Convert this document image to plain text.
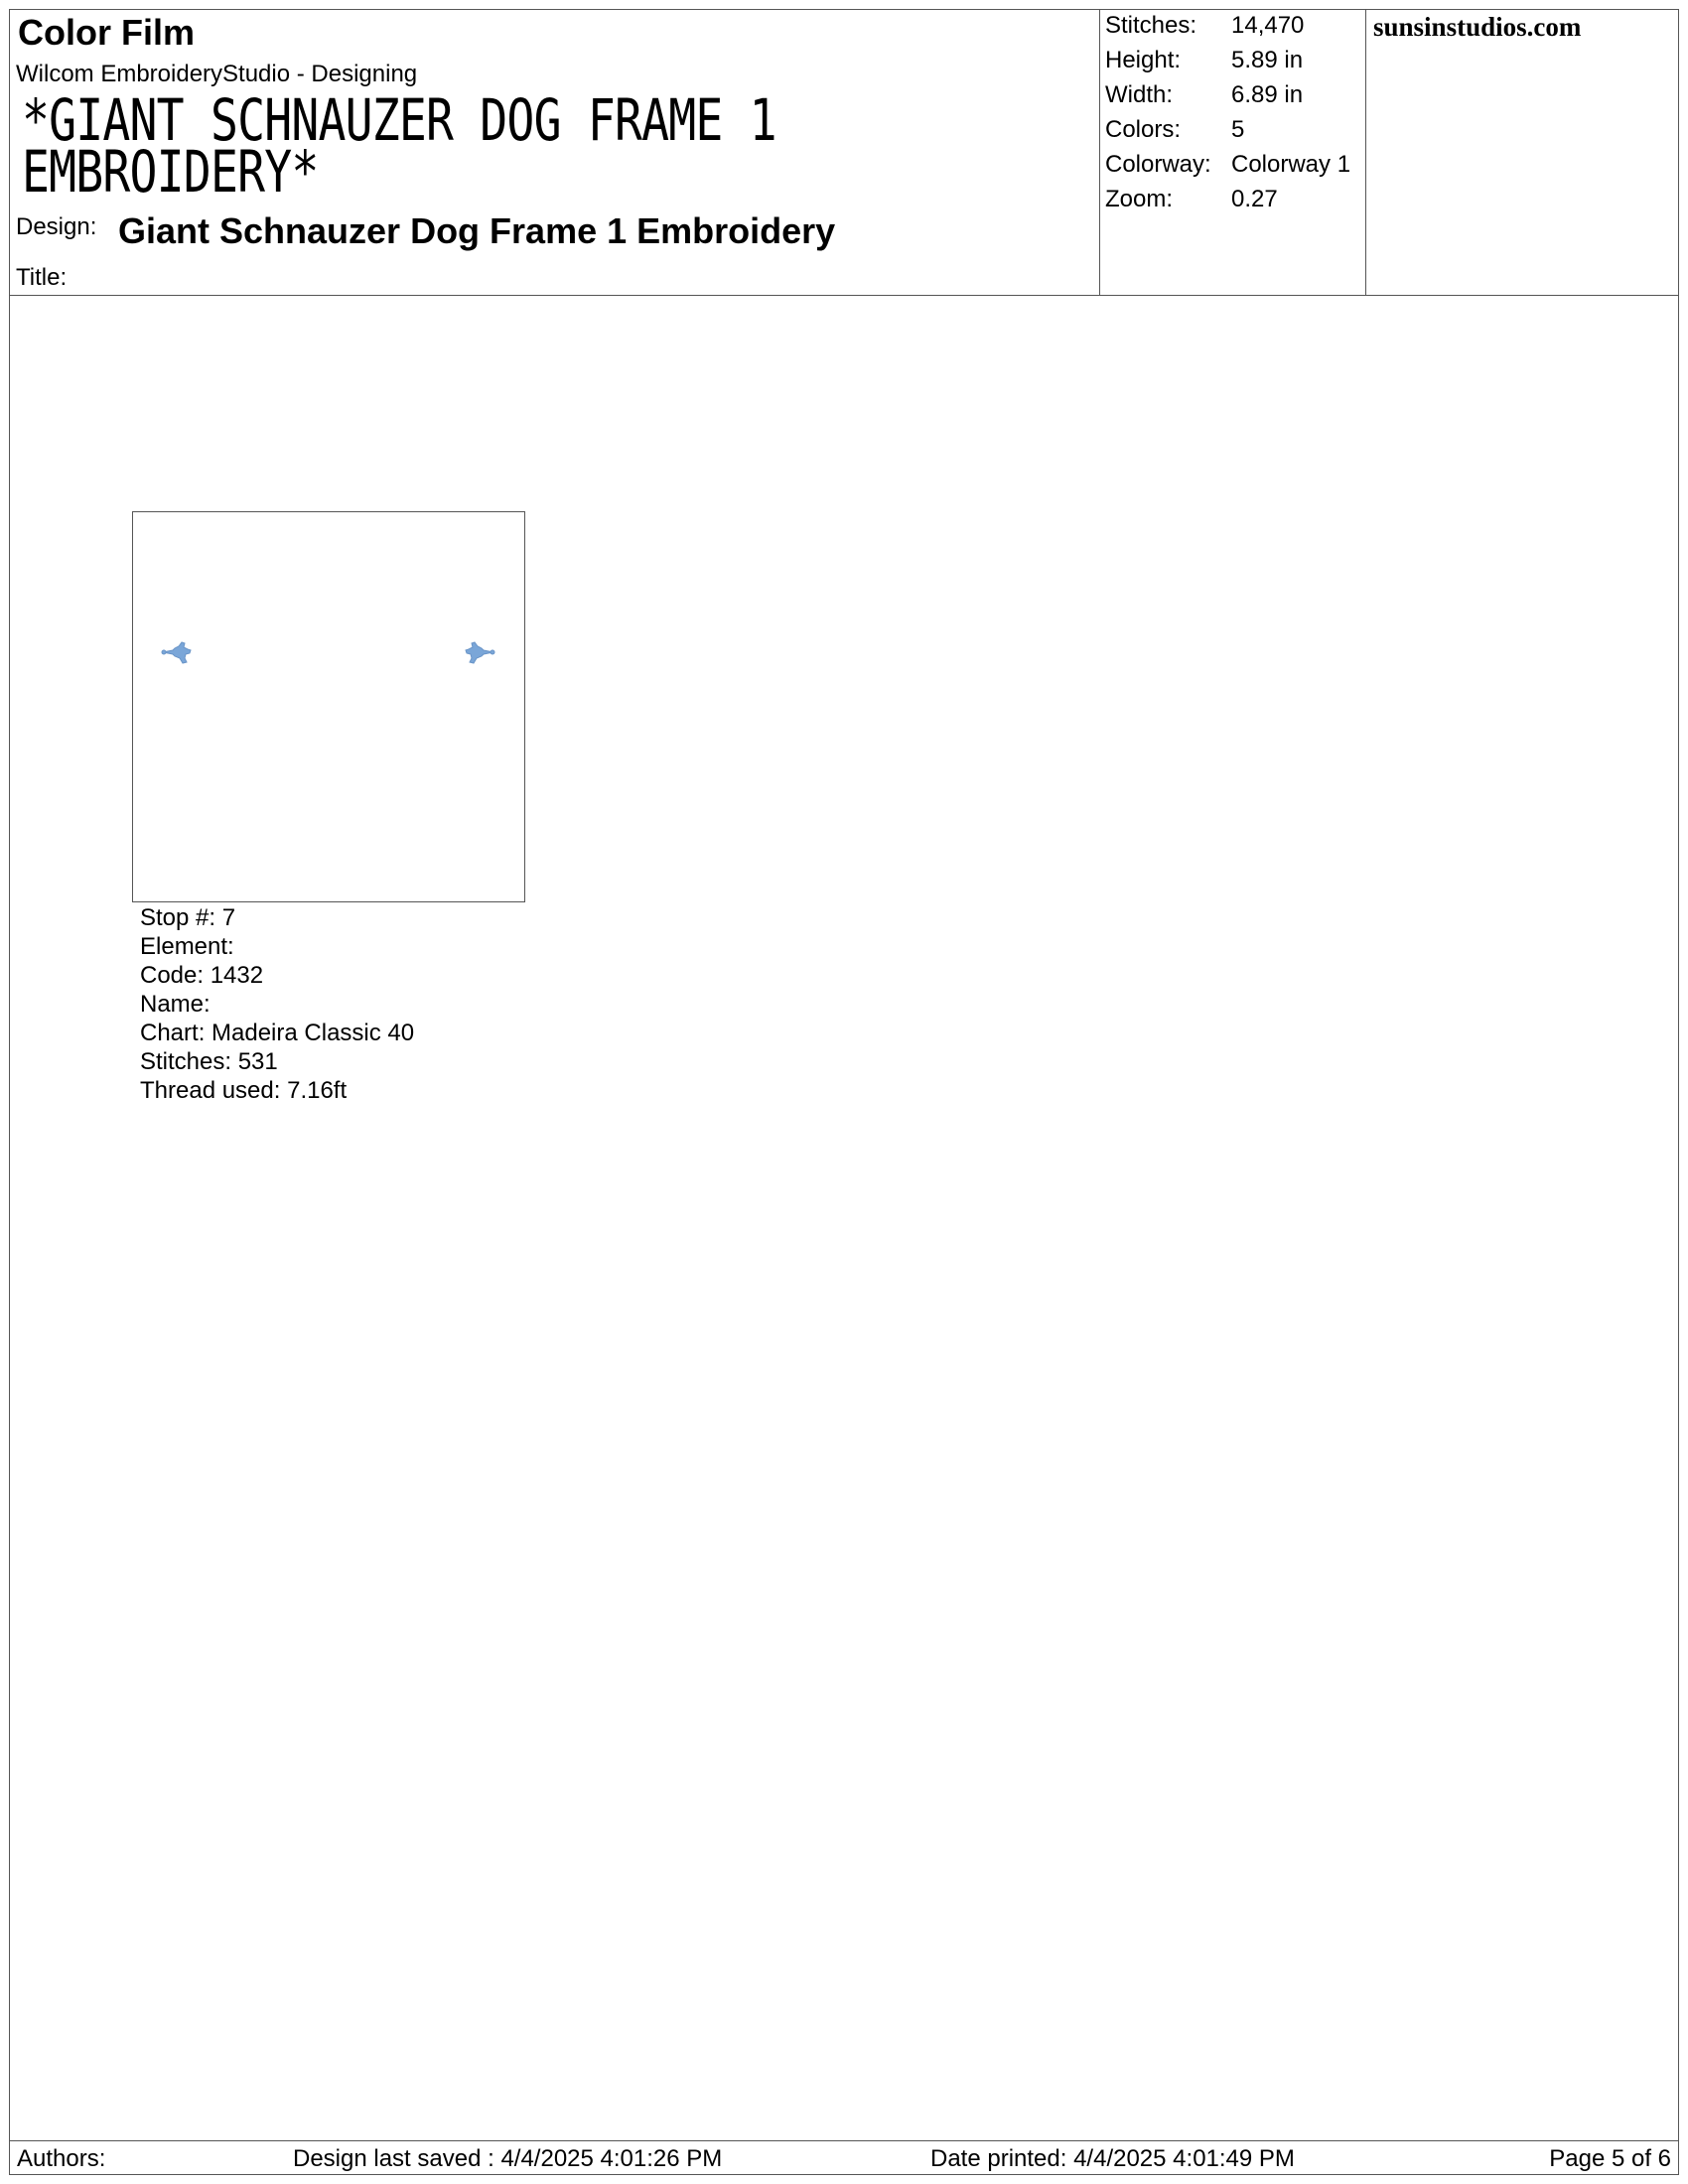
Color Film
Wilcom EmbroideryStudio - Designing
*GIANT SCHNAUZER DOG FRAME 1
EMBROIDERY*
Design: Giant Schnauzer Dog Frame 1 Embroidery
Title:
Stitches: 14,470
Height: 5.89 in
Width: 6.89 in
Colors: 5
Colorway: Colorway 1
Zoom: 0.27
sunsinstudios.com
Stop #: 7
Element:
Code: 1432
Name:
Chart: Madeira Classic 40
Stitches: 531
Thread used: 7.16ft
Authors:	Design last saved : 4/4/2025 4:01:26 PM	Date printed: 4/4/2025 4:01:49 PM	Page 5 of 6
